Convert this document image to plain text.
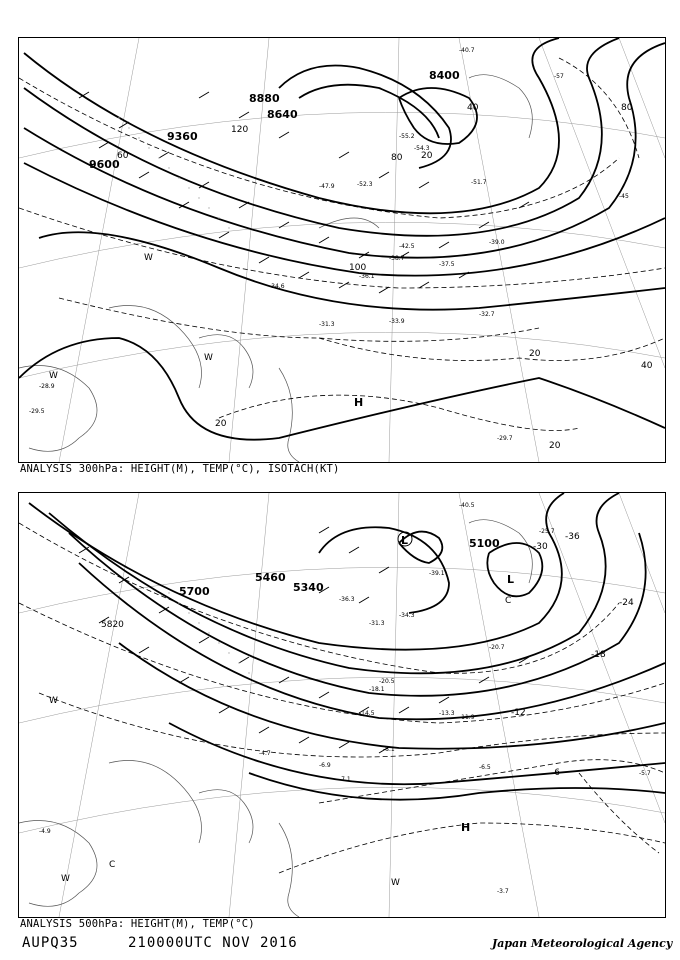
8400
8640
8880
9360
9600
20
40
60	80
100
120
20
20
40
80
20
-38.7
-42.5
-34.6
-36.1
-33.9
-32.7
-31.3
-28.9
-29.5
-29.7
-51.7
-54.3
-57
-40.7
-39.0
-37.5
-47.9	-52.3
-55.2
-45
H
W
W
W
ANALYSIS 300hPa: HEIGHT(M), TEMP(°C), ISOTACH(KT)
5100
5340
5460
5700
5820
-6
-12
-18
-24
-30
-36
-40.5
-39.1
-36.3
-34.3
-31.3
-20.5
-18.1
-14.5	-13.3
-11.9
-8.1
-6.9
-7.1
-4.7
-4.9
-3.7
-6.5
-5.7
-25.7
-20.7
L
L
H
W
W	W
C
C
ANALYSIS 500hPa: HEIGHT(M), TEMP(°C)
AUPQ35	210000UTC NOV 2016	Japan Meteorological Agency
